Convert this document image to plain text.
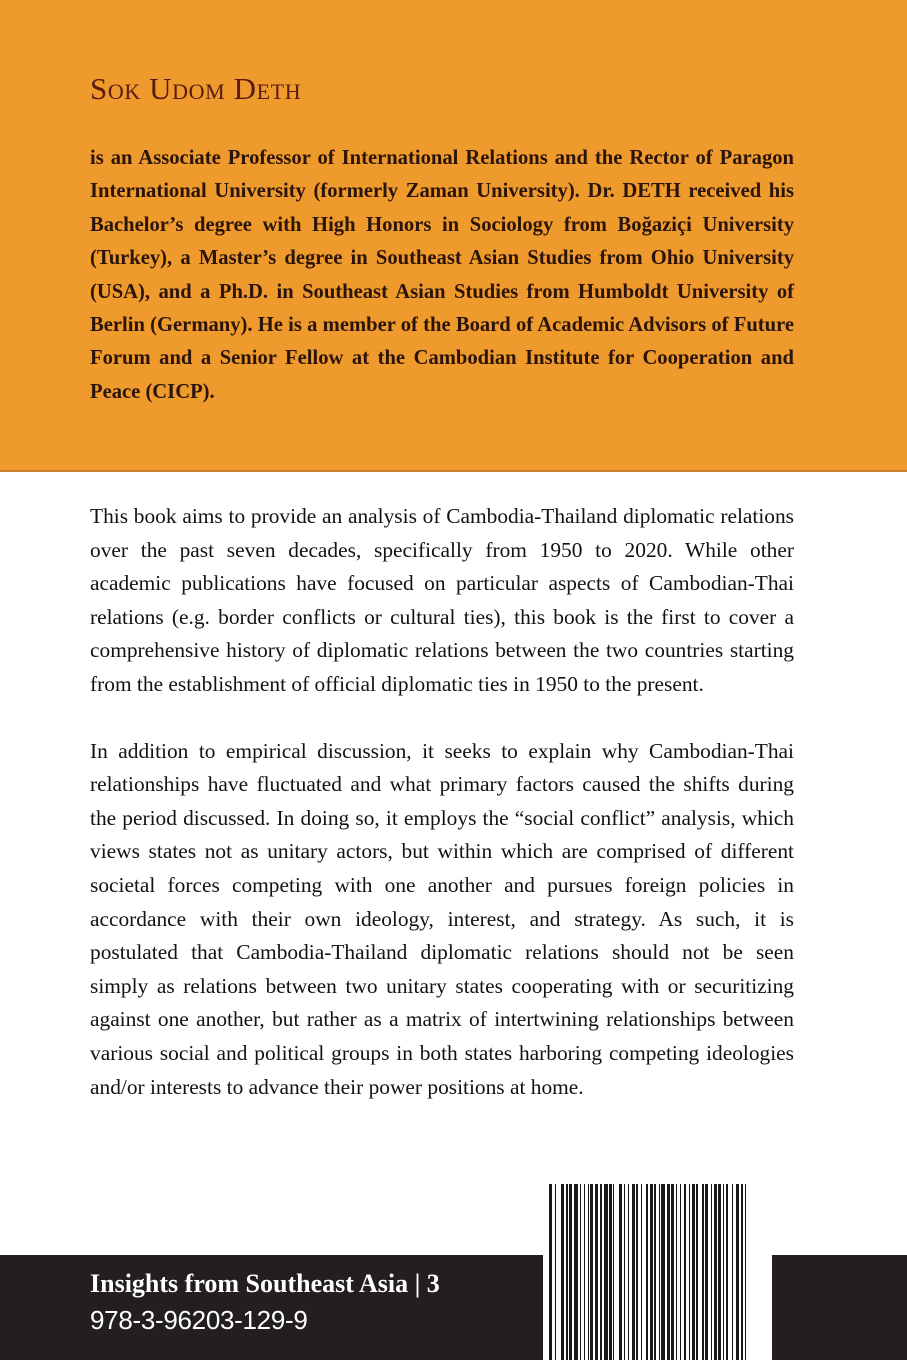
Sok Udom Deth
is an Associate Professor of International Relations and the Rector of Paragon International University (formerly Zaman University). Dr. DETH received his Bachelor’s degree with High Honors in Sociology from Boğaziçi University (Turkey), a Master’s degree in Southeast Asian Studies from Ohio University (USA), and a Ph.D. in Southeast Asian Studies from Humboldt University of Berlin (Germany). He is a member of the Board of Academic Advisors of Future Forum and a Senior Fellow at the Cambodian Institute for Cooperation and Peace (CICP).

This book aims to provide an analysis of Cambodia-Thailand diplomatic relations over the past seven decades, specifically from 1950 to 2020. While other academic publications have focused on particular aspects of Cambodian-Thai relations (e.g. border conflicts or cultural ties), this book is the first to cover a comprehensive history of diplomatic relations between the two countries starting from the establishment of official diplomatic ties in 1950 to the present.

In addition to empirical discussion, it seeks to explain why Cambodian-Thai relationships have fluctuated and what primary factors caused the shifts during the period discussed. In doing so, it employs the “social conflict” analysis, which views states not as unitary actors, but within which are comprised of different societal forces competing with one another and pursues foreign policies in accordance with their own ideology, interest, and strategy. As such, it is postulated that Cambodia-Thailand diplomatic relations should not be seen simply as relations between two unitary states cooperating with or securitizing against one another, but rather as a matrix of intertwining relationships between various social and political groups in both states harboring competing ideologies and/or interests to advance their power positions at home.

Insights from Southeast Asia | 3
978-3-96203-129-9
